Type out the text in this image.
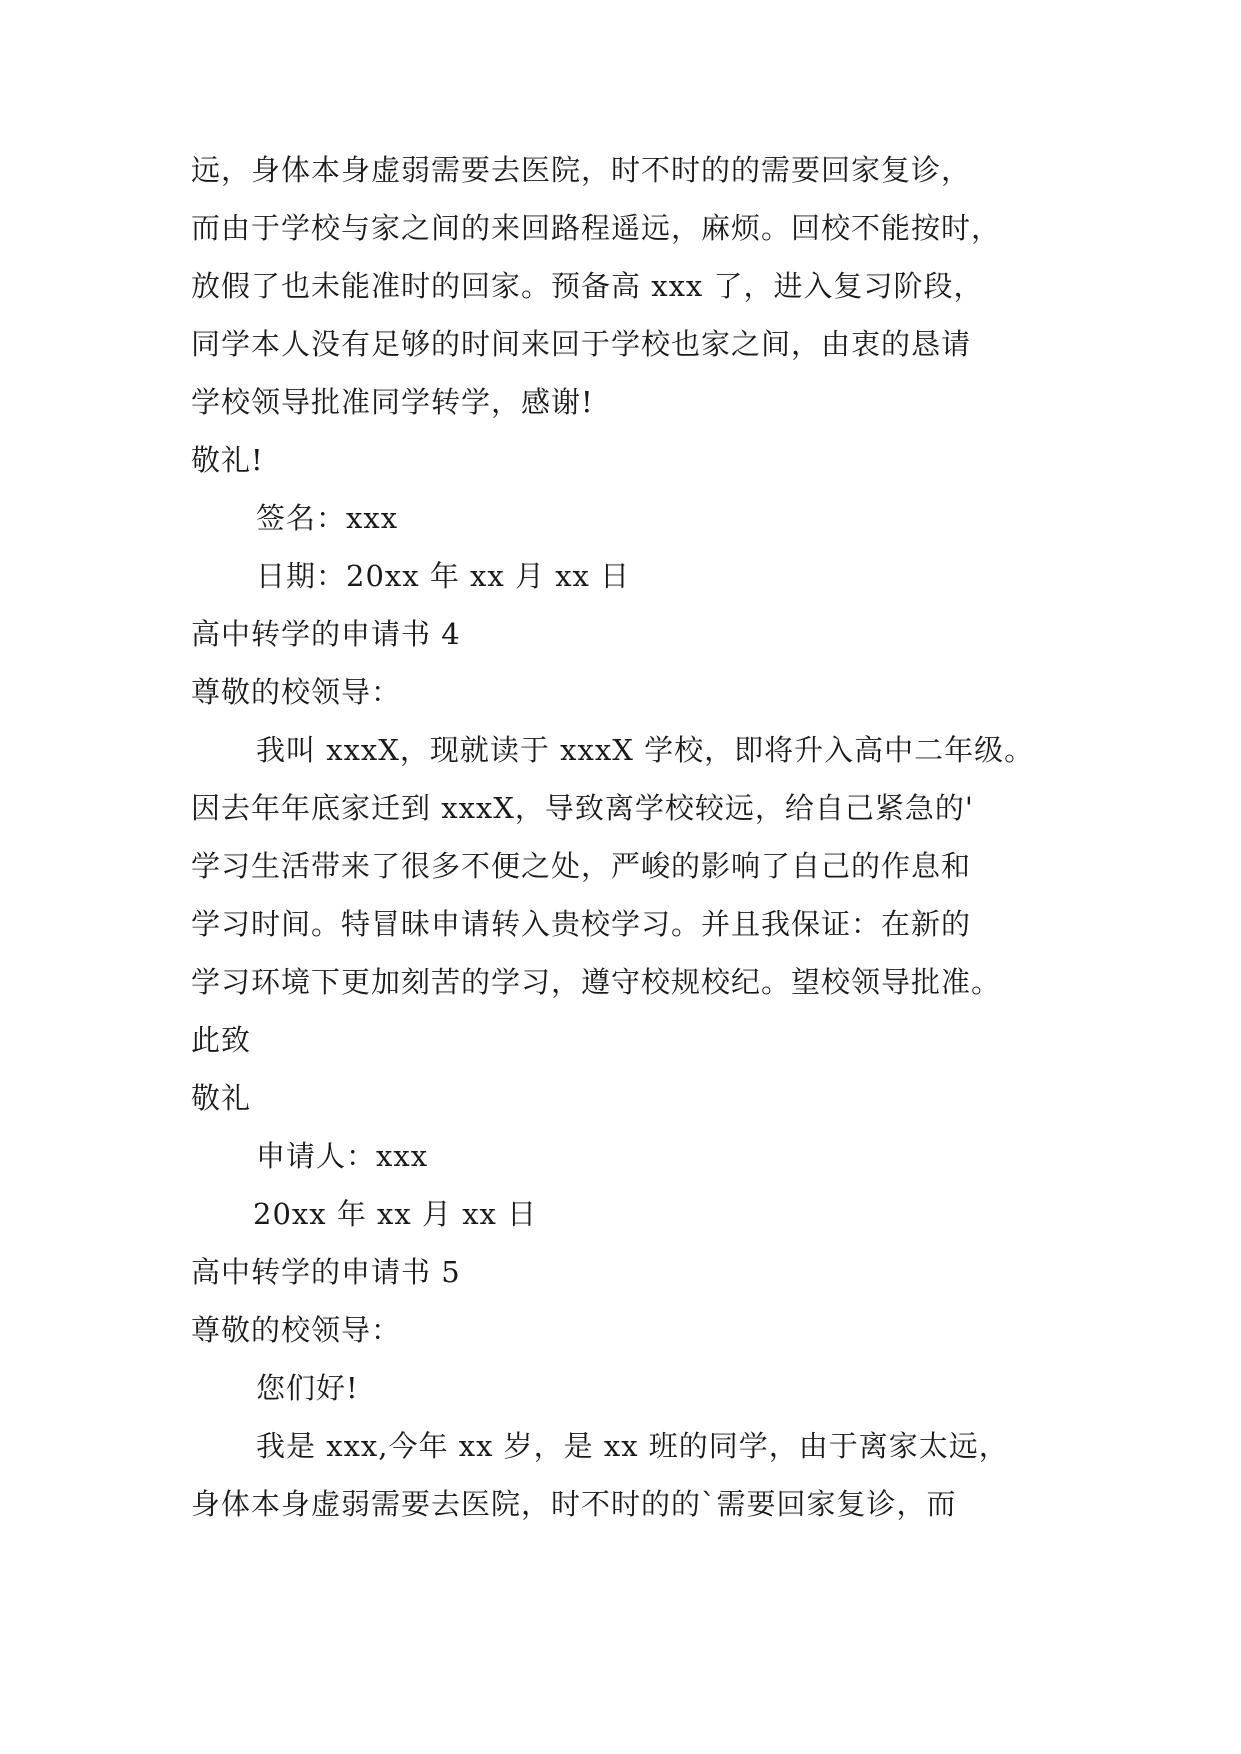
远，身体本身虚弱需要去医院，时不时的的需要回家复诊，
而由于学校与家之间的来回路程遥远，麻烦。回校不能按时，
放假了也未能准时的回家。预备高 xxx 了，进入复习阶段，
同学本人没有足够的时间来回于学校也家之间，由衷的恳请
学校领导批准同学转学，感谢!
敬礼!
签名：xxx
日期：20xx 年 xx 月 xx 日
高中转学的申请书 4
尊敬的校领导：
我叫 xxxX，现就读于 xxxX 学校，即将升入高中二年级。
因去年年底家迁到 xxxX，导致离学校较远，给自己紧急的'
学习生活带来了很多不便之处，严峻的影响了自己的作息和
学习时间。特冒昧申请转入贵校学习。并且我保证：在新的
学习环境下更加刻苦的学习，遵守校规校纪。望校领导批准。
此致
敬礼
申请人：xxx
20xx 年 xx 月 xx 日
高中转学的申请书 5
尊敬的校领导：
您们好!
我是 xxx,今年 xx 岁，是 xx 班的同学，由于离家太远，
身体本身虚弱需要去医院，时不时的的`需要回家复诊，而
